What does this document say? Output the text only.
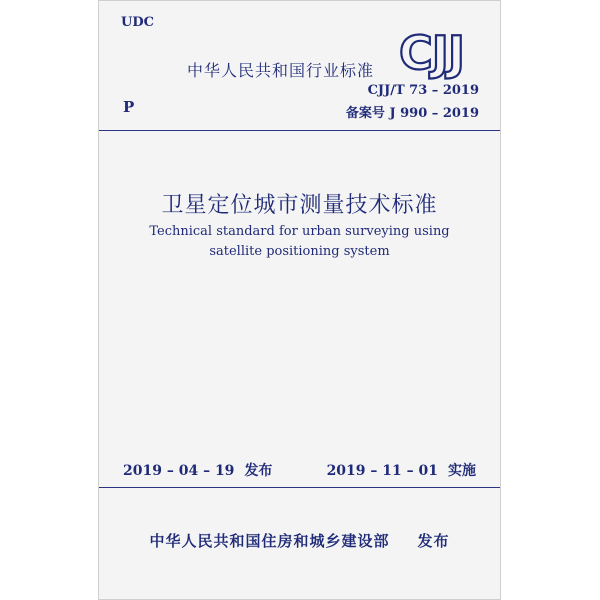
UDC
中华人民共和国行业标准 CJJ
CJJ/T 73 – 2019
P	备案号 J 990 – 2019
卫星定位城市测量技术标准
Technical standard for urban surveying using
satellite positioning system
2019 – 04 – 19 发布	2019 – 11 – 01 实施
中华人民共和国住房和城乡建设部 发布
